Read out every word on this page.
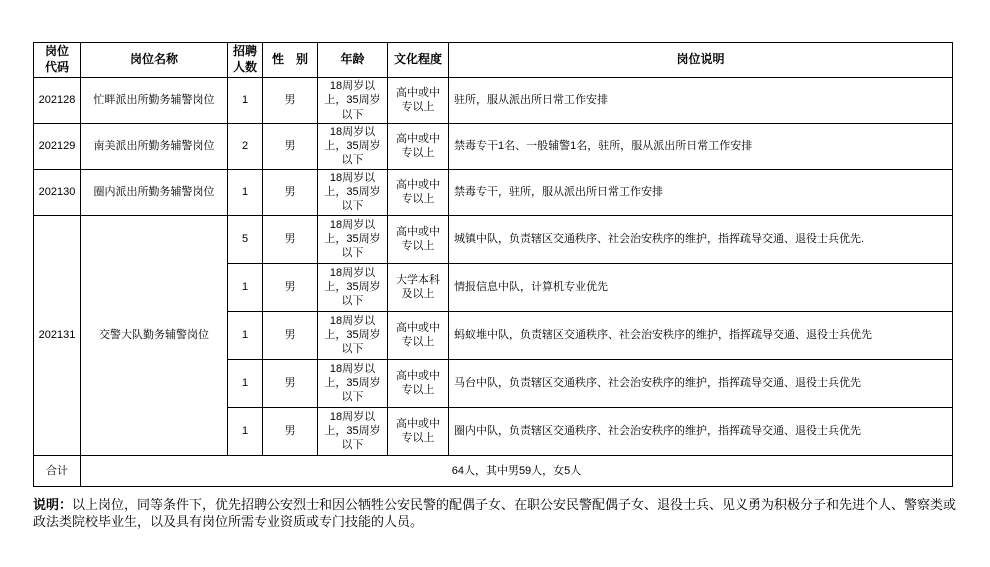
岗位代码	岗位名称	招聘人数	性　别	年龄	文化程度	岗位说明
202128	忙畔派出所勤务辅警岗位	1	男	18周岁以上，35周岁以下	高中或中专以上	驻所，服从派出所日常工作安排
202129	南美派出所勤务辅警岗位	2	男	18周岁以上，35周岁以下	高中或中专以上	禁毒专干1名、一般辅警1名，驻所，服从派出所日常工作安排
202130	圈内派出所勤务辅警岗位	1	男	18周岁以上，35周岁以下	高中或中专以上	禁毒专干，驻所，服从派出所日常工作安排
202131	交警大队勤务辅警岗位	5	男	18周岁以上，35周岁以下	高中或中专以上	城镇中队，负责辖区交通秩序、社会治安秩序的维护，指挥疏导交通、退役士兵优先.
		1	男	18周岁以上，35周岁以下	大学本科及以上	情报信息中队，计算机专业优先
		1	男	18周岁以上，35周岁以下	高中或中专以上	蚂蚁堆中队，负责辖区交通秩序、社会治安秩序的维护，指挥疏导交通、退役士兵优先
		1	男	18周岁以上，35周岁以下	高中或中专以上	马台中队，负责辖区交通秩序、社会治安秩序的维护，指挥疏导交通、退役士兵优先
		1	男	18周岁以上，35周岁以下	高中或中专以上	圈内中队，负责辖区交通秩序、社会治安秩序的维护，指挥疏导交通、退役士兵优先
合计	64人，其中男59人，女5人					

说明：以上岗位，同等条件下，优先招聘公安烈士和因公牺牲公安民警的配偶子女、在职公安民警配偶子女、退役士兵、见义勇为积极分子和先进个人、警察类或政法类院校毕业生，以及具有岗位所需专业资质或专门技能的人员。
